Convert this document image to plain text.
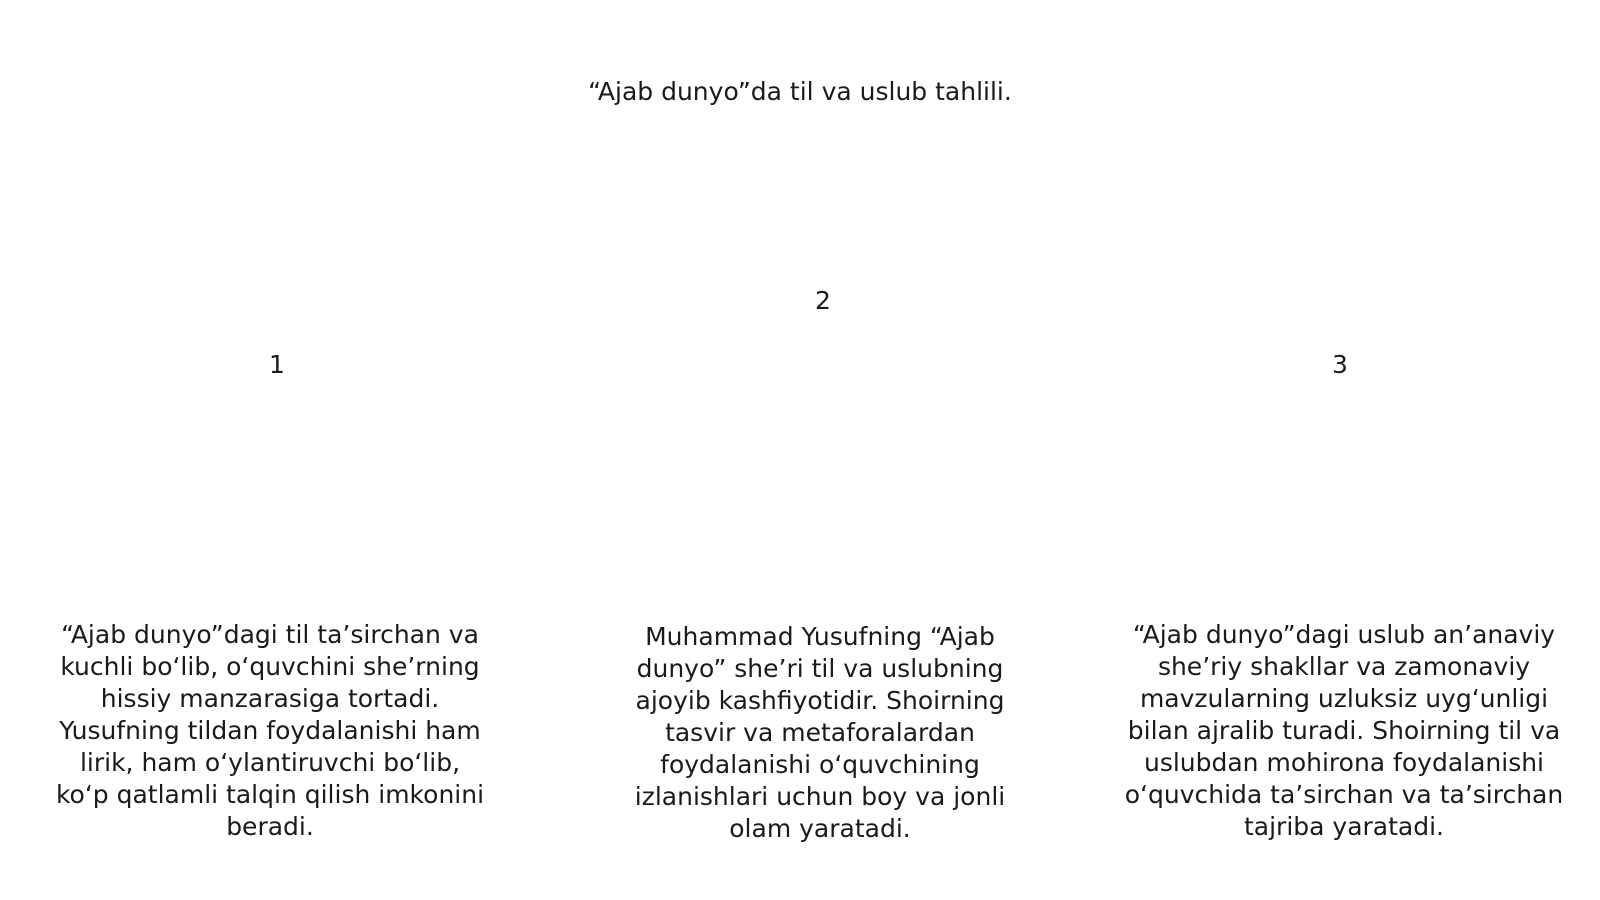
“Ajab dunyo”da til va uslub tahlili.
1
2
3

“Ajab dunyo”dagi til ta’sirchan va kuchli bo‘lib, o‘quvchini she’rning hissiy manzarasiga tortadi. Yusufning tildan foydalanishi ham lirik, ham o‘ylantiruvchi bo‘lib, ko‘p qatlamli talqin qilish imkonini beradi.

Muhammad Yusufning “Ajab dunyo” she’ri til va uslubning ajoyib kashfiyotidir. Shoirning tasvir va metaforalardan foydalanishi o‘quvchining izlanishlari uchun boy va jonli olam yaratadi.

“Ajab dunyo”dagi uslub an’anaviy she’riy shakllar va zamonaviy mavzularning uzluksiz uyg‘unligi bilan ajralib turadi. Shoirning til va uslubdan mohirona foydalanishi o‘quvchida ta’sirchan va ta’sirchan tajriba yaratadi.
